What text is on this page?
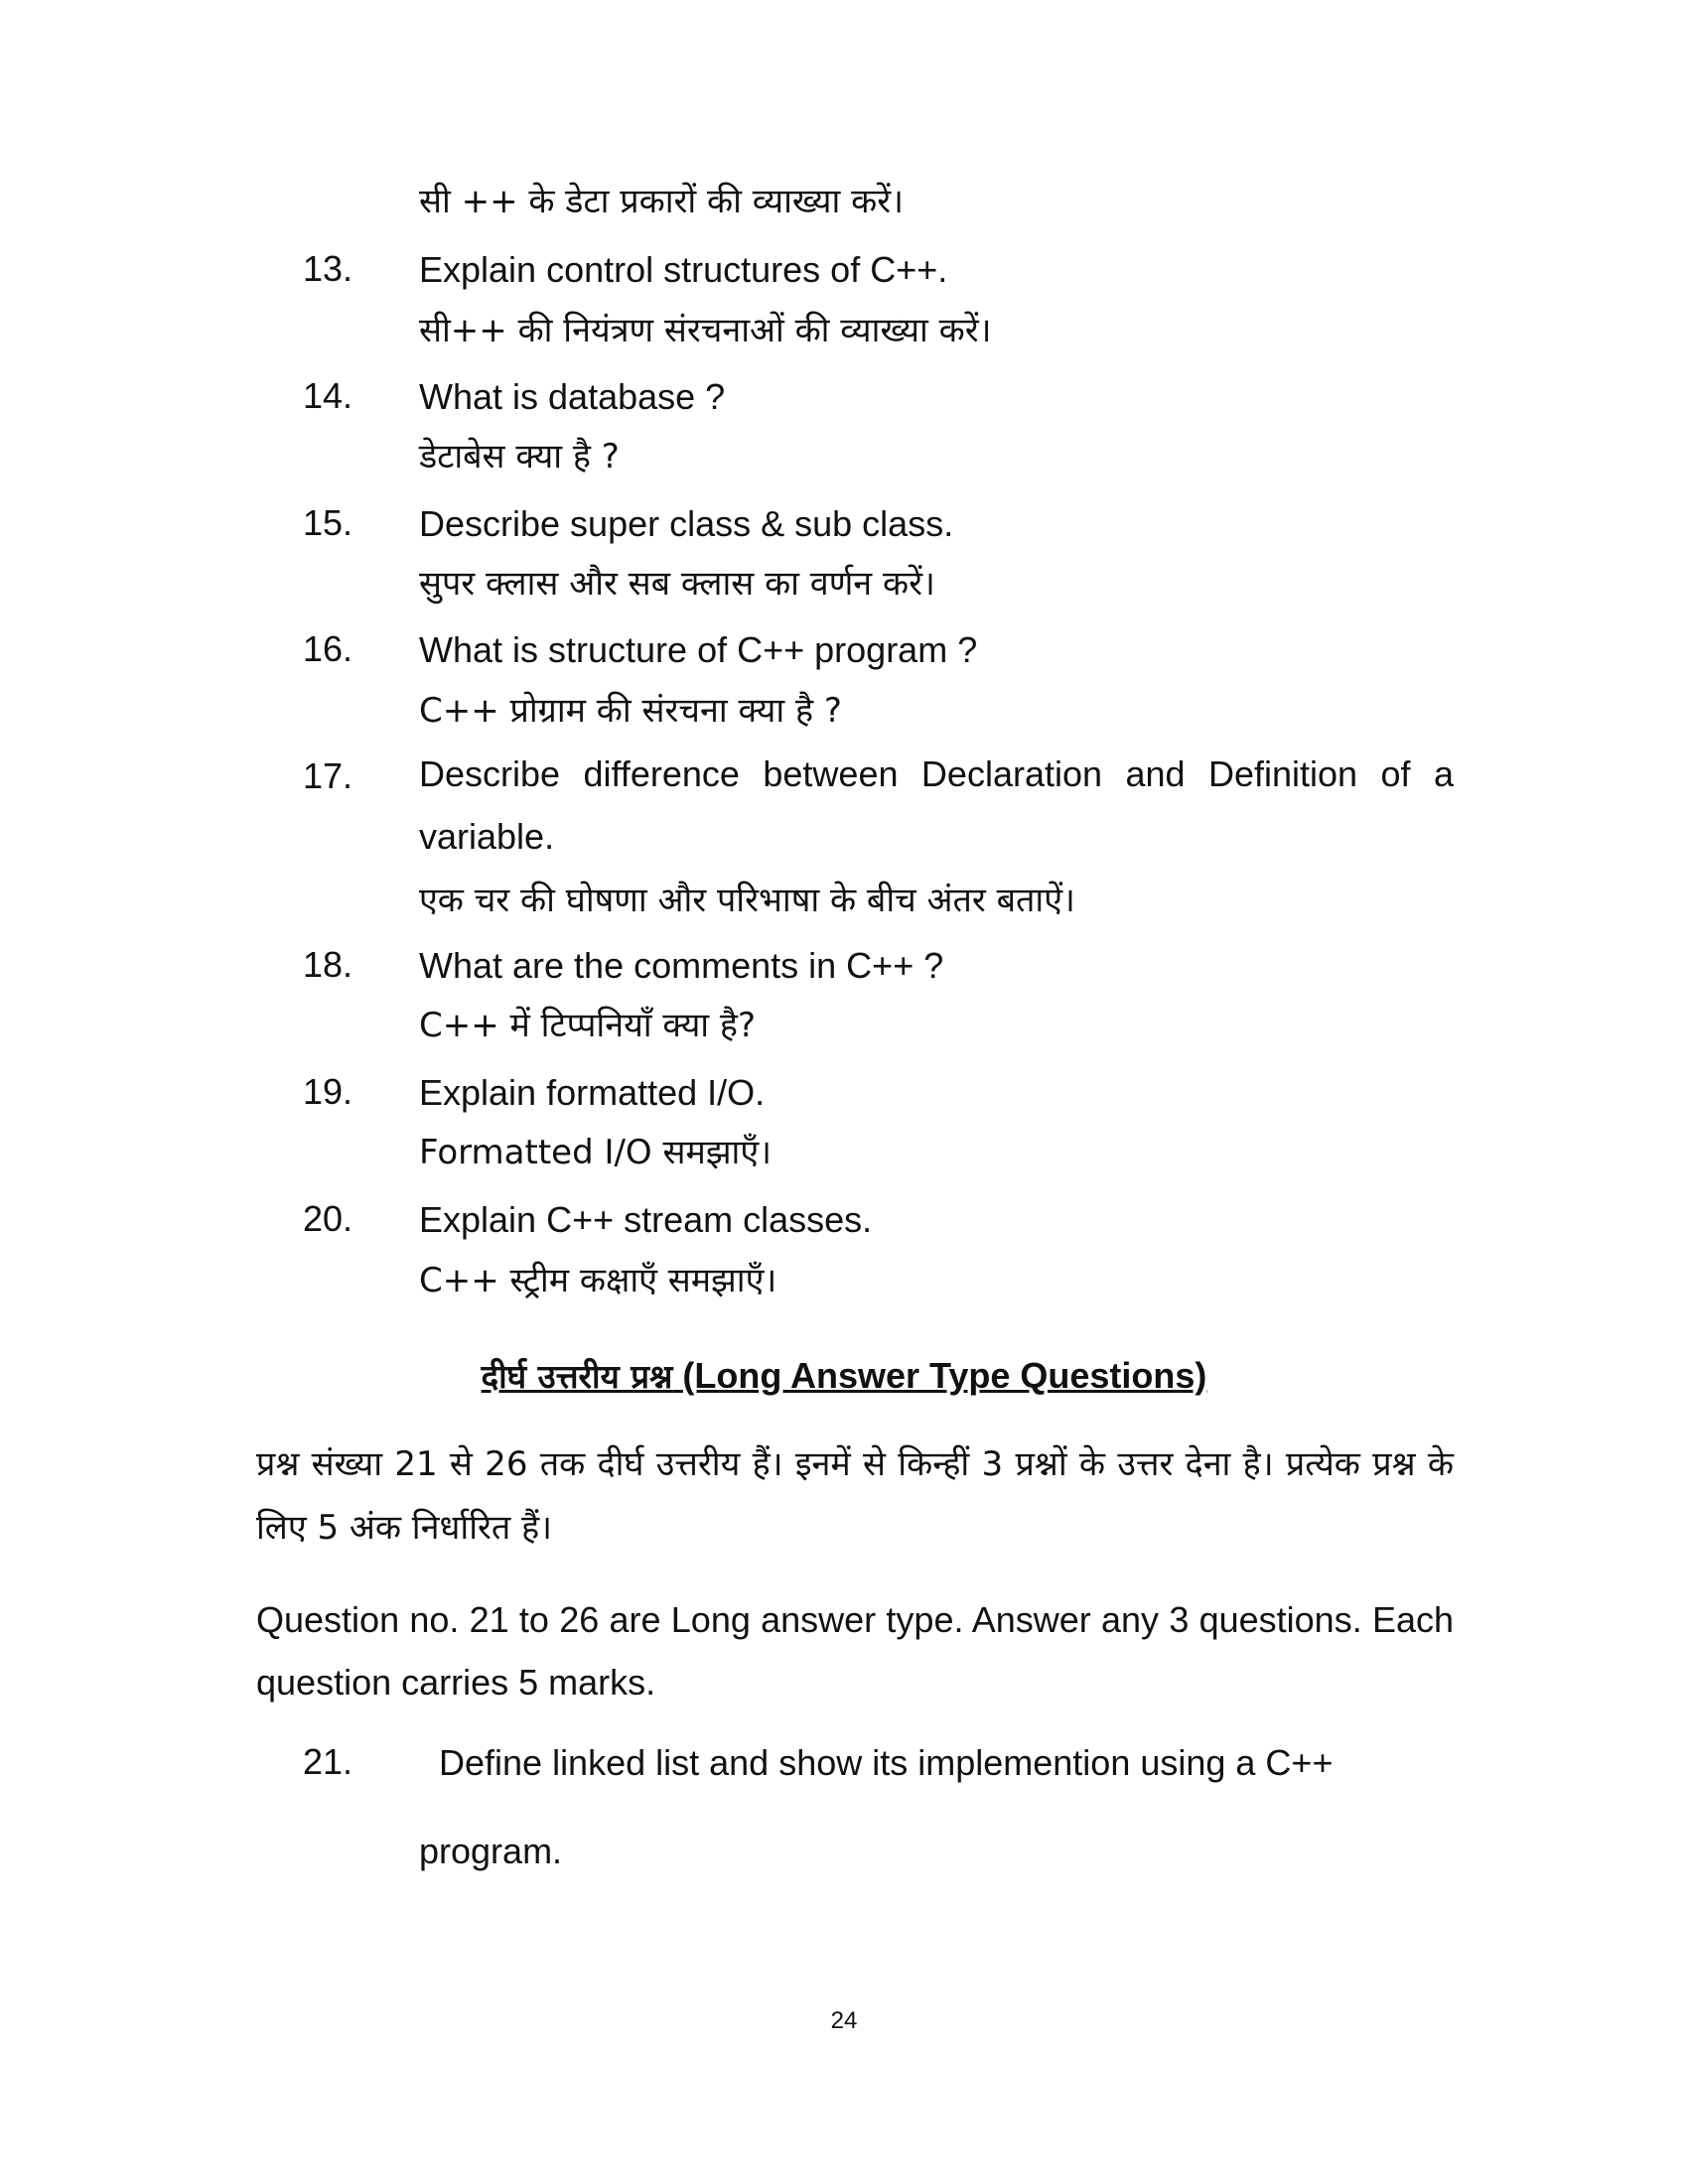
सी ++ के डेटा प्रकारों की व्याख्या करें।
13. Explain control structures of C++.
सी++ की नियंत्रण संरचनाओं की व्याख्या करें।
14. What is database ?
डेटाबेस क्या है ?
15. Describe super class & sub class.
सुपर क्लास और सब क्लास का वर्णन करें।
16. What is structure of C++ program ?
C++ प्रोग्राम की संरचना क्या है ?
17. Describe difference between Declaration and Definition of a variable.
एक चर की घोषणा और परिभाषा के बीच अंतर बताऐं।
18. What are the comments in C++ ?
C++ में टिप्पनियाँ क्या है?
19. Explain formatted I/O.
Formatted I/O समझाएँ।
20. Explain C++ stream classes.
C++ स्ट्रीम कक्षाएँ समझाएँ।
दीर्घ उत्तरीय प्रश्न (Long Answer Type Questions)
प्रश्न संख्या 21 से 26 तक दीर्घ उत्तरीय हैं। इनमें से किन्हीं 3 प्रश्नों के उत्तर देना है। प्रत्येक प्रश्न के लिए 5 अंक निर्धारित हैं।
Question no. 21 to 26 are Long answer type. Answer any 3 questions. Each question carries 5 marks.
21. Define linked list and show its implemention using a C++
program.
24
